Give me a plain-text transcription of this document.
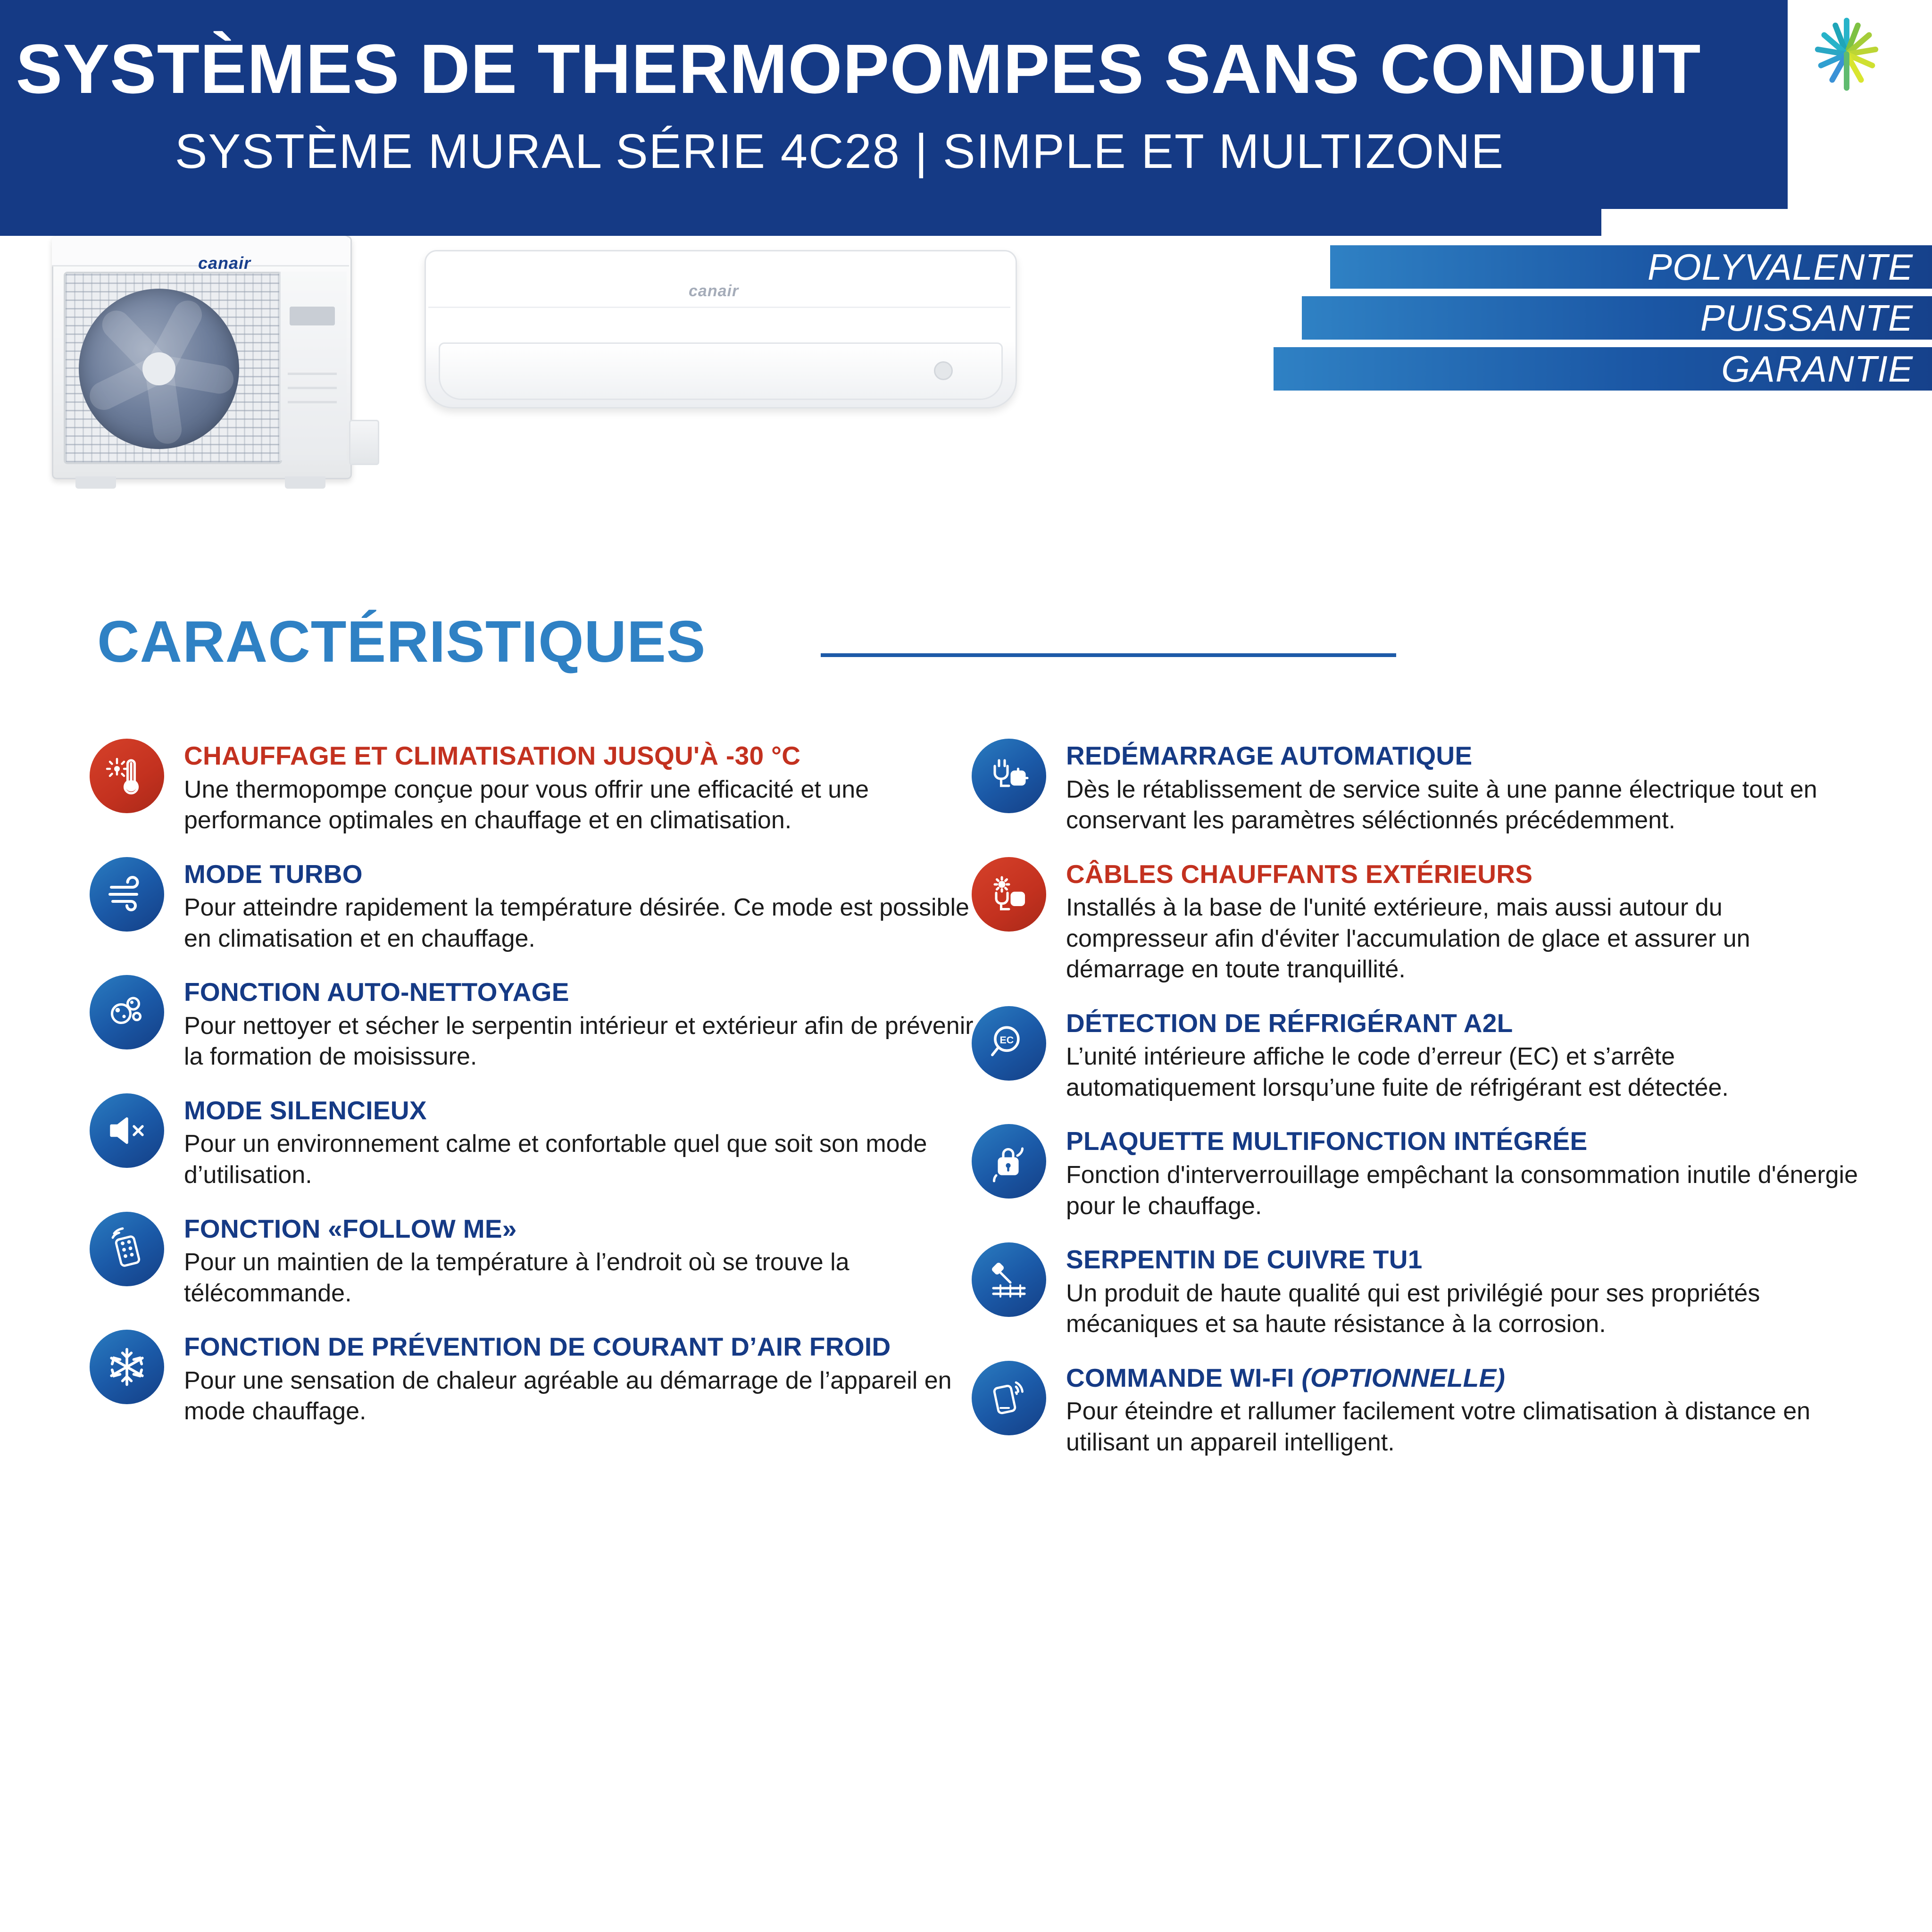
SYSTÈMES DE THERMOPOMPES SANS CONDUIT
SYSTÈME MURAL SÉRIE 4C28 | SIMPLE ET MULTIZONE
canair
canair
POLYVALENTE
PUISSANTE
GARANTIE
CARACTÉRISTIQUES
CHAUFFAGE ET CLIMATISATION JUSQU'À -30 °C
Une thermopompe conçue pour vous offrir une efficacité et une performance optimales en chauffage et en climatisation.
MODE TURBO
Pour atteindre rapidement la température désirée. Ce mode est possible en climatisation et en chauffage.
FONCTION AUTO-NETTOYAGE
Pour nettoyer et sécher le serpentin intérieur et extérieur afin de prévenir la formation de moisissure.
MODE SILENCIEUX
Pour un environnement calme et confortable quel que soit son mode d’utilisation.
FONCTION «FOLLOW ME»
Pour un maintien de la température à l’endroit où se trouve la télécommande.
FONCTION DE PRÉVENTION DE COURANT D’AIR FROID
Pour une sensation de chaleur agréable au démarrage de l’appareil en mode chauffage.
REDÉMARRAGE AUTOMATIQUE
Dès le rétablissement de service suite à une panne électrique tout en conservant les paramètres séléctionnés précédemment.
CÂBLES CHAUFFANTS EXTÉRIEURS
Installés à la base de l'unité extérieure, mais aussi autour du compresseur afin d'éviter l'accumulation de glace et assurer un démarrage en toute tranquillité.
EC
DÉTECTION DE RÉFRIGÉRANT A2L
L’unité intérieure affiche le code d’erreur (EC) et s’arrête automatiquement lorsqu’une fuite de réfrigérant est détectée.
PLAQUETTE MULTIFONCTION INTÉGRÉE
Fonction d'interverrouillage empêchant la consommation inutile d'énergie pour le chauffage.
SERPENTIN DE CUIVRE TU1
Un produit de haute qualité qui est privilégié pour ses propriétés mécaniques et sa haute résistance à la corrosion.
COMMANDE WI-FI (OPTIONNELLE)
Pour éteindre et rallumer facilement votre climatisation à distance en utilisant un appareil intelligent.
